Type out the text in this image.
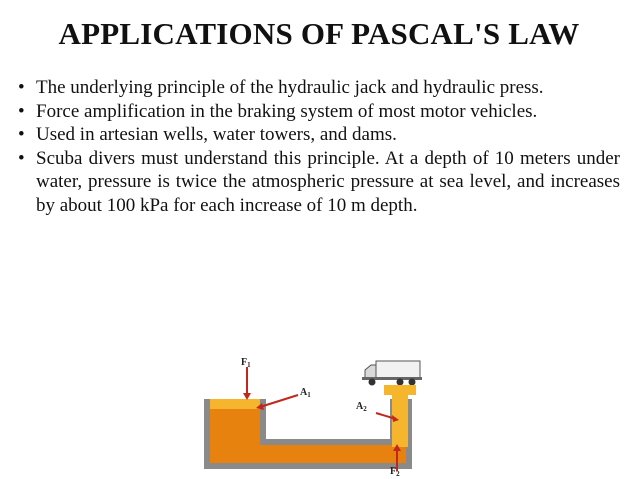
APPLICATIONS OF PASCAL'S LAW
• The underlying principle of the hydraulic jack and hydraulic press.
• Force amplification in the braking system of most motor vehicles.
• Used in artesian wells, water towers, and dams.
• Scuba divers must understand this principle. At a depth of 10 meters under water, pressure is twice the atmospheric pressure at sea level, and increases by about 100 kPa for each increase of 10 m depth.
$F_1$
$A_1$
$A_2$
$F_2$
